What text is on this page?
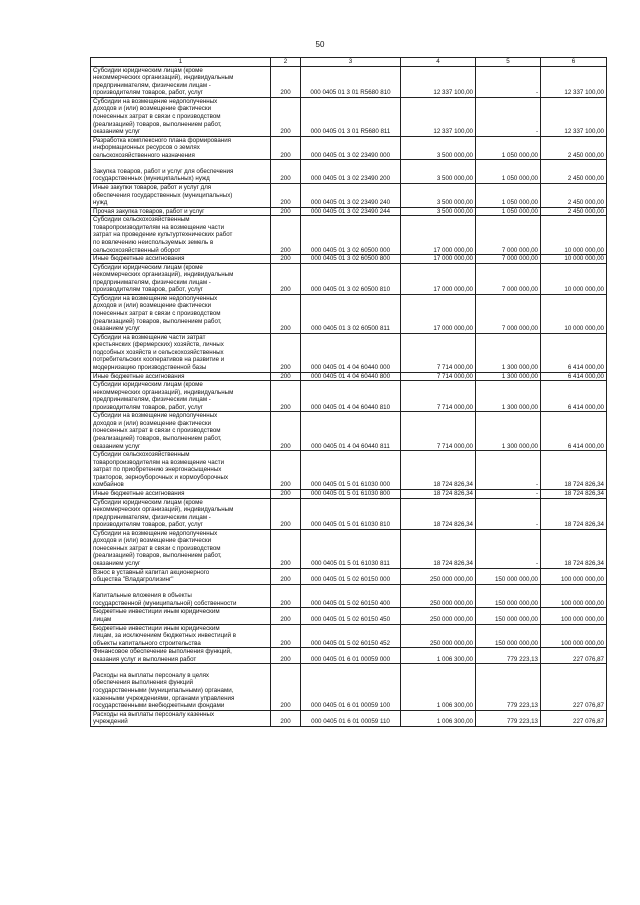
50
1	2	3	4	5	6
Субсидии юридическим лицам (кроме
некоммерческих организаций), индивидуальным
предпринимателям, физическим лицам -
производителям товаров, работ, услуг	200	000 0405 01 3 01 R5680 810	12 337 100,00	-	12 337 100,00
Субсидии на возмещение недополученных
доходов и (или) возмещение фактически
понесенных затрат в связи с производством
(реализацией) товаров, выполнением работ,
оказанием услуг	200	000 0405 01 3 01 R5680 811	12 337 100,00	-	12 337 100,00
Разработка комплексного плана формирования
информационных ресурсов о землях
сельскохозяйственного назначения	200	000 0405 01 3 02 23490 000	3 500 000,00	1 050 000,00	2 450 000,00

Закупка товаров, работ и услуг для обеспечения
государственных (муниципальных) нужд	200	000 0405 01 3 02 23490 200	3 500 000,00	1 050 000,00	2 450 000,00
Иные закупки товаров, работ и услуг для
обеспечения государственных (муниципальных)
нужд	200	000 0405 01 3 02 23490 240	3 500 000,00	1 050 000,00	2 450 000,00
Прочая закупка товаров, работ и услуг	200	000 0405 01 3 02 23490 244	3 500 000,00	1 050 000,00	2 450 000,00
Субсидии сельскохозяйственным
товаропроизводителям на возмещение части
затрат на проведение культуртехнических работ
по вовлечению неиспользуемых земель в
сельскохозяйственный оборот	200	000 0405 01 3 02 60500 000	17 000 000,00	7 000 000,00	10 000 000,00
Иные бюджетные ассигнования	200	000 0405 01 3 02 60500 800	17 000 000,00	7 000 000,00	10 000 000,00
Субсидии юридическим лицам (кроме
некоммерческих организаций), индивидуальным
предпринимателям, физическим лицам -
производителям товаров, работ, услуг	200	000 0405 01 3 02 60500 810	17 000 000,00	7 000 000,00	10 000 000,00
Субсидии на возмещение недополученных
доходов и (или) возмещение фактически
понесенных затрат в связи с производством
(реализацией) товаров, выполнением работ,
оказанием услуг	200	000 0405 01 3 02 60500 811	17 000 000,00	7 000 000,00	10 000 000,00
Субсидии на возмещение части затрат
крестьянских (фермерских) хозяйств, личных
подсобных хозяйств и сельскохозяйственных
потребительских кооперативов на развитие и
модернизацию производственной базы	200	000 0405 01 4 04 60440 000	7 714 000,00	1 300 000,00	6 414 000,00
Иные бюджетные ассигнования	200	000 0405 01 4 04 60440 800	7 714 000,00	1 300 000,00	6 414 000,00
Субсидии юридическим лицам (кроме
некоммерческих организаций), индивидуальным
предпринимателям, физическим лицам -
производителям товаров, работ, услуг	200	000 0405 01 4 04 60440 810	7 714 000,00	1 300 000,00	6 414 000,00
Субсидии на возмещение недополученных
доходов и (или) возмещение фактически
понесенных затрат в связи с производством
(реализацией) товаров, выполнением работ,
оказанием услуг	200	000 0405 01 4 04 60440 811	7 714 000,00	1 300 000,00	6 414 000,00
Субсидии сельскохозяйственным
товаропроизводителям на возмещение части
затрат по приобретению энергонасыщенных
тракторов, зерноуборочных и кормоуборочных
комбайнов	200	000 0405 01 5 01 61030 000	18 724 826,34	-	18 724 826,34
Иные бюджетные ассигнования	200	000 0405 01 5 01 61030 800	18 724 826,34	-	18 724 826,34
Субсидии юридическим лицам (кроме
некоммерческих организаций), индивидуальным
предпринимателям, физическим лицам -
производителям товаров, работ, услуг	200	000 0405 01 5 01 61030 810	18 724 826,34	-	18 724 826,34
Субсидии на возмещение недополученных
доходов и (или) возмещение фактически
понесенных затрат в связи с производством
(реализацией) товаров, выполнением работ,
оказанием услуг	200	000 0405 01 5 01 61030 811	18 724 826,34	-	18 724 826,34
Взнос в уставный капитал акционерного
общества "Владагролизинг"	200	000 0405 01 5 02 60150 000	250 000 000,00	150 000 000,00	100 000 000,00

Капитальные вложения в объекты
государственной (муниципальной) собственности	200	000 0405 01 5 02 60150 400	250 000 000,00	150 000 000,00	100 000 000,00
Бюджетные инвестиции иным юридическим
лицам	200	000 0405 01 5 02 60150 450	250 000 000,00	150 000 000,00	100 000 000,00
Бюджетные инвестиции иным юридическим
лицам, за исключением бюджетных инвестиций в
объекты капитального строительства	200	000 0405 01 5 02 60150 452	250 000 000,00	150 000 000,00	100 000 000,00
Финансовое обеспечение выполнения функций,
оказания услуг и выполнения работ	200	000 0405 01 6 01 00059 000	1 006 300,00	779 223,13	227 076,87

Расходы на выплаты персоналу в целях
обеспечения выполнения функций
государственными (муниципальными) органами,
казенными учреждениями, органами управления
государственными внебюджетными фондами	200	000 0405 01 6 01 00059 100	1 006 300,00	779 223,13	227 076,87
Расходы на выплаты персоналу казенных
учреждений	200	000 0405 01 6 01 00059 110	1 006 300,00	779 223,13	227 076,87
